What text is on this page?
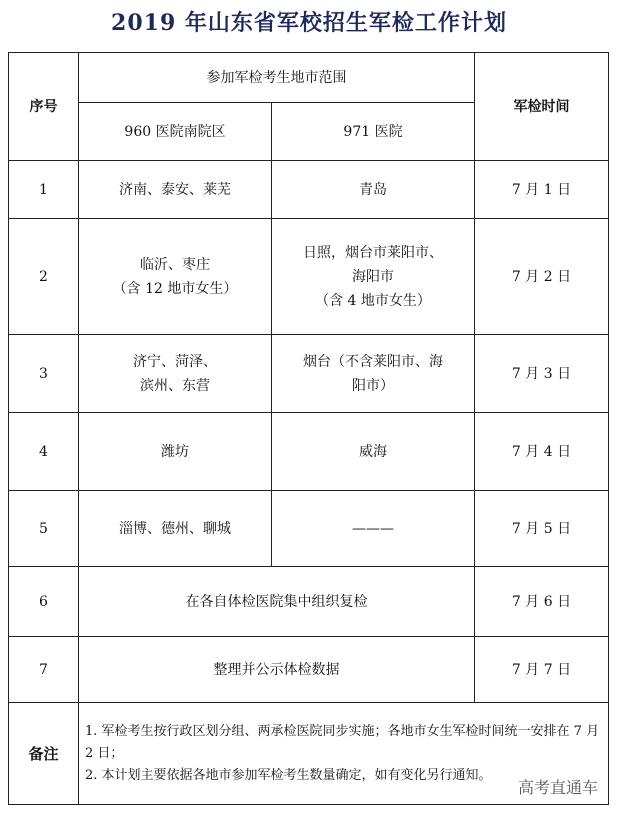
2019 年山东省军校招生军检工作计划
序号	参加军检考生地市范围		军检时间
	960 医院南院区	971 医院	
1	济南、泰安、莱芜	青岛	7 月 1 日
2	临沂、枣庄
（含 12 地市女生）	日照，烟台市莱阳市、
海阳市
（含 4 地市女生）	7 月 2 日
3	济宁、菏泽、
滨州、东营	烟台（不含莱阳市、海
阳市）	7 月 3 日
4	潍坊	威海	7 月 4 日
5	淄博、德州、聊城	———	7 月 5 日
6	在各自体检医院集中组织复检		7 月 6 日
7	整理并公示体检数据		7 月 7 日
备注	1. 军检考生按行政区划分组、两承检医院同步实施；各地市女生军检时间统一安排在 7 月 2 日；
2. 本计划主要依据各地市参加军检考生数量确定，如有变化另行通知。		
高考直通车
